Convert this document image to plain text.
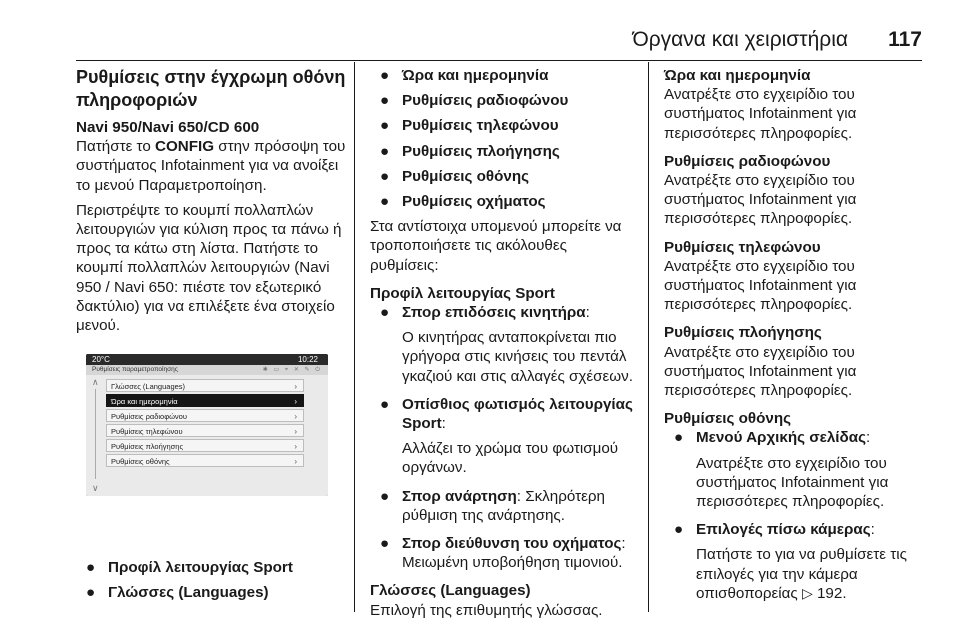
Όργανα και χειριστήρια 117

Ρυθμίσεις στην έγχρωμη οθόνη πληροφοριών

Navi 950/Navi 650/CD 600

Πατήστε το CONFIG στην πρόσοψη του συστήματος Infotainment για να ανοίξει το μενού Παραμετροποίηση.

Περιστρέψτε το κουμπί πολλαπλών λειτουργιών για κύλιση προς τα πάνω ή προς τα κάτω στη λίστα. Πατήστε το κουμπί πολλαπλών λειτουργιών (Navi 950 / Navi 650: πιέστε τον εξωτερικό δακτύλιο) για να επιλέξετε ένα στοιχείο μενού.

20°C	10:22
Ρυθμίσεις παραμετροποίησης	✱ ▭ ⌖ ✕ ✎ ⏻
∧
∨
Γλώσσες (Languages)	›
Ώρα και ημερομηνία	›
Ρυθμίσεις ραδιοφώνου	›
Ρυθμίσεις τηλεφώνου	›
Ρυθμίσεις πλοήγησης	›
Ρυθμίσεις οθόνης	›

● Προφίλ λειτουργίας Sport

● Γλώσσες (Languages)

● Ώρα και ημερομηνία

● Ρυθμίσεις ραδιοφώνου

● Ρυθμίσεις τηλεφώνου

● Ρυθμίσεις πλοήγησης

● Ρυθμίσεις οθόνης

● Ρυθμίσεις οχήματος

Στα αντίστοιχα υπομενού μπορείτε να τροποποιήσετε τις ακόλουθες ρυθμίσεις:

Προφίλ λειτουργίας Sport

● Σπορ επιδόσεις κινητήρα:

Ο κινητήρας ανταποκρίνεται πιο γρήγορα στις κινήσεις του πεντάλ γκαζιού και στις αλλαγές σχέσεων.

● Οπίσθιος φωτισμός λειτουργίας Sport:

Αλλάζει το χρώμα του φωτισμού οργάνων.

● Σπορ ανάρτηση: Σκληρότερη ρύθμιση της ανάρτησης.

● Σπορ διεύθυνση του οχήματος: Μειωμένη υποβοήθηση τιμονιού.

Γλώσσες (Languages)

Επιλογή της επιθυμητής γλώσσας.

Ώρα και ημερομηνία

Ανατρέξτε στο εγχειρίδιο του συστήματος Infotainment για περισσότερες πληροφορίες.

Ρυθμίσεις ραδιοφώνου

Ανατρέξτε στο εγχειρίδιο του συστήματος Infotainment για περισσότερες πληροφορίες.

Ρυθμίσεις τηλεφώνου

Ανατρέξτε στο εγχειρίδιο του συστήματος Infotainment για περισσότερες πληροφορίες.

Ρυθμίσεις πλοήγησης

Ανατρέξτε στο εγχειρίδιο του συστήματος Infotainment για περισσότερες πληροφορίες.

Ρυθμίσεις οθόνης

● Μενού Αρχικής σελίδας:

Ανατρέξτε στο εγχειρίδιο του συστήματος Infotainment για περισσότερες πληροφορίες.

● Επιλογές πίσω κάμερας:

Πατήστε το για να ρυθμίσετε τις επιλογές για την κάμερα οπισθοπορείας ▷ 192.
